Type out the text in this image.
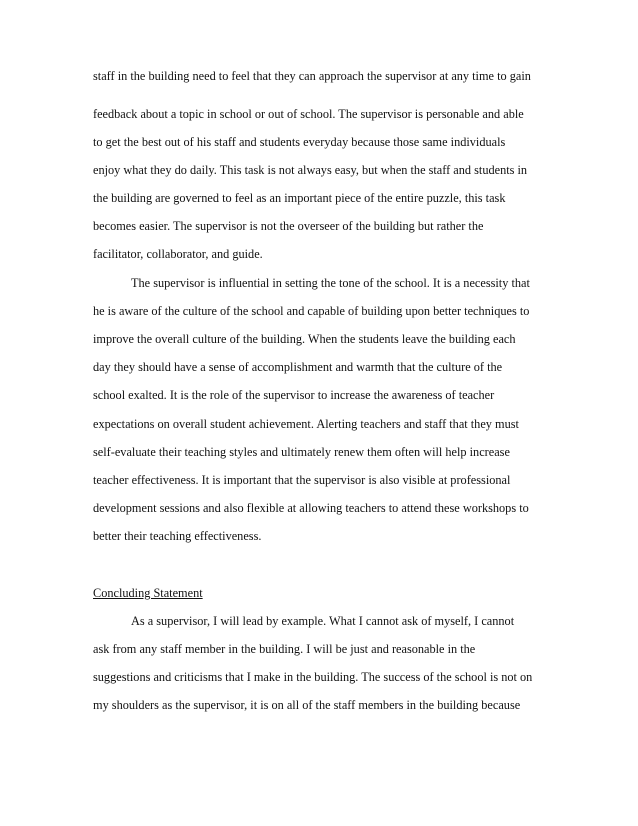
staff in the building need to feel that they can approach the supervisor at any time to gain
feedback about a topic in school or out of school. The supervisor is personable and able
to get the best out of his staff and students everyday because those same individuals
enjoy what they do daily. This task is not always easy, but when the staff and students in
the building are governed to feel as an important piece of the entire puzzle, this task
becomes easier. The supervisor is not the overseer of the building but rather the
facilitator, collaborator, and guide.
The supervisor is influential in setting the tone of the school. It is a necessity that
he is aware of the culture of the school and capable of building upon better techniques to
improve the overall culture of the building. When the students leave the building each
day they should have a sense of accomplishment and warmth that the culture of the
school exalted. It is the role of the supervisor to increase the awareness of teacher
expectations on overall student achievement. Alerting teachers and staff that they must
self-evaluate their teaching styles and ultimately renew them often will help increase
teacher effectiveness. It is important that the supervisor is also visible at professional
development sessions and also flexible at allowing teachers to attend these workshops to
better their teaching effectiveness.
Concluding Statement
As a supervisor, I will lead by example. What I cannot ask of myself, I cannot
ask from any staff member in the building. I will be just and reasonable in the
suggestions and criticisms that I make in the building. The success of the school is not on
my shoulders as the supervisor, it is on all of the staff members in the building because
